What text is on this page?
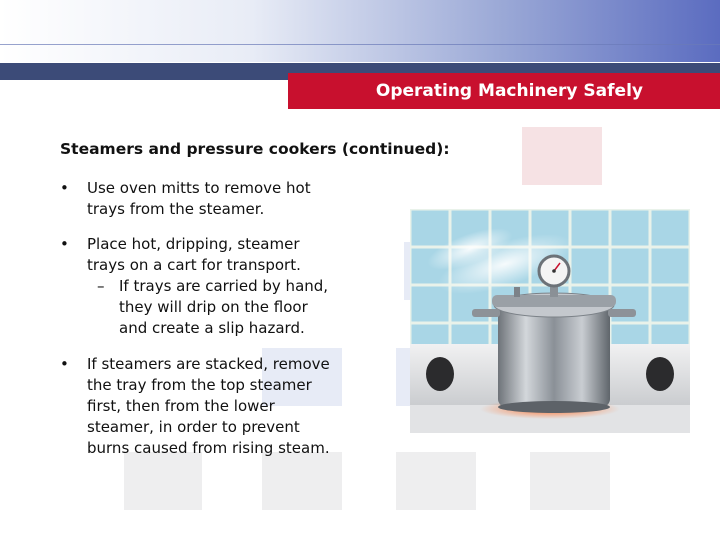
Operating Machinery Safely
Steamers and pressure cookers (continued):
• Use oven mitts to remove hot
trays from the steamer.
• Place hot, dripping, steamer
trays on a cart for transport.
– If trays are carried by hand,
they will drip on the floor
and create a slip hazard.
• If steamers are stacked, remove
the tray from the top steamer
first, then from the lower
steamer, in order to prevent
burns caused from rising steam.
